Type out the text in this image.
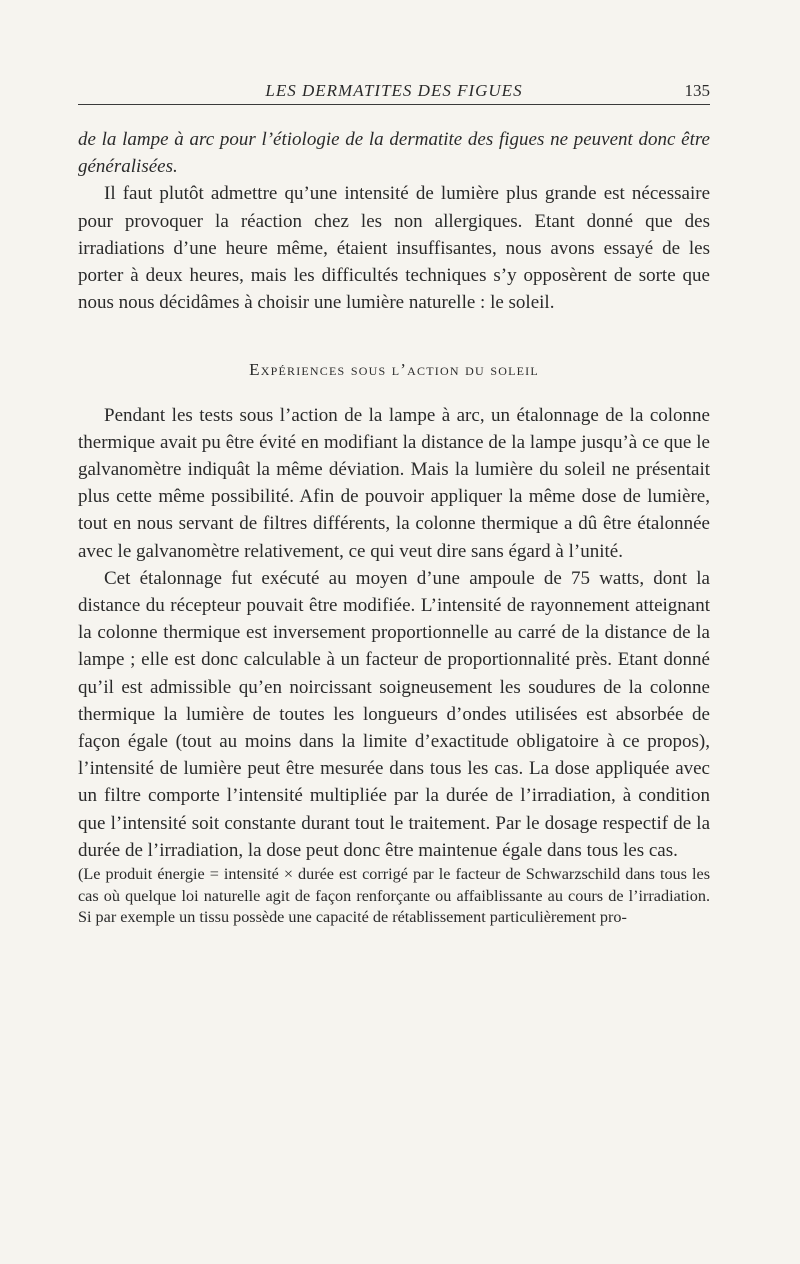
LES DERMATITES DES FIGUES	135

de la lampe à arc pour l’étiologie de la dermatite des figues ne peuvent donc être généralisées.

Il faut plutôt admettre qu’une intensité de lumière plus grande est nécessaire pour provoquer la réaction chez les non allergiques. Etant donné que des irradiations d’une heure même, étaient insuffisantes, nous avons essayé de les porter à deux heures, mais les difficultés techniques s’y opposèrent de sorte que nous nous décidâmes à choisir une lumière naturelle : le soleil.

Expériences sous l’action du soleil

Pendant les tests sous l’action de la lampe à arc, un étalonnage de la colonne thermique avait pu être évité en modifiant la distance de la lampe jusqu’à ce que le galvanomètre indiquât la même déviation. Mais la lumière du soleil ne présentait plus cette même possibilité. Afin de pouvoir appliquer la même dose de lumière, tout en nous servant de filtres différents, la colonne thermique a dû être étalonnée avec le galvanomètre relativement, ce qui veut dire sans égard à l’unité.

Cet étalonnage fut exécuté au moyen d’une ampoule de 75 watts, dont la distance du récepteur pouvait être modifiée. L’intensité de rayonnement atteignant la colonne thermique est inversement proportionnelle au carré de la distance de la lampe ; elle est donc calculable à un facteur de proportionnalité près. Etant donné qu’il est admissible qu’en noircissant soigneusement les soudures de la colonne thermique la lumière de toutes les longueurs d’ondes utilisées est absorbée de façon égale (tout au moins dans la limite d’exactitude obligatoire à ce propos), l’intensité de lumière peut être mesurée dans tous les cas. La dose appliquée avec un filtre comporte l’intensité multipliée par la durée de l’irradiation, à condition que l’intensité soit constante durant tout le traitement. Par le dosage respectif de la durée de l’irradiation, la dose peut donc être maintenue égale dans tous les cas.

(Le produit énergie = intensité × durée est corrigé par le facteur de Schwarzschild dans tous les cas où quelque loi naturelle agit de façon renforçante ou affaiblissante au cours de l’irradiation. Si par exemple un tissu possède une capacité de rétablissement particulièrement pro-
